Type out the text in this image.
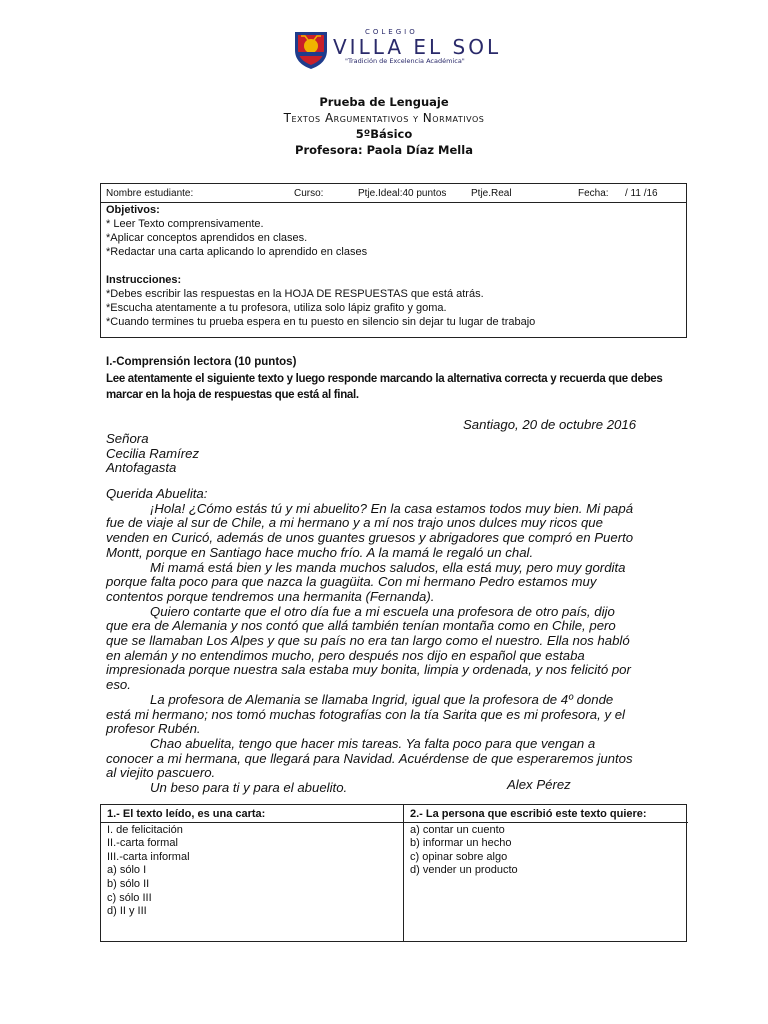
COLEGIO
VILLA EL SOL
"Tradición de Excelencia Académica"
Prueba de Lenguaje
Textos Argumentativos y Normativos
5ºBásico
Profesora: Paola Díaz Mella
Nombre estudiante:	Curso:	Ptje.Ideal:40 puntos Ptje.Real	Fecha: / 11 /16
Objetivos:
* Leer Texto comprensivamente.
*Aplicar conceptos aprendidos en clases.
*Redactar una carta aplicando lo aprendido en clases
Instrucciones:
*Debes escribir las respuestas en la HOJA DE RESPUESTAS que está atrás.
*Escucha atentamente a tu profesora, utiliza solo lápiz grafito y goma.
*Cuando termines tu prueba espera en tu puesto en silencio sin dejar tu lugar de trabajo
I.-Comprensión lectora (10 puntos)
Lee atentamente el siguiente texto y luego responde marcando la alternativa correcta y recuerda que debes
marcar en la hoja de respuestas que está al final.
Santiago, 20 de octubre 2016

Señora

Cecilia Ramírez

Antofagasta

Querida Abuelita:

¡Hola! ¿Cómo estás tú y mi abuelito? En la casa estamos todos muy bien. Mi papá

fue de viaje al sur de Chile, a mi hermano y a mí nos trajo unos dulces muy ricos que

venden en Curicó, además de unos guantes gruesos y abrigadores que compró en Puerto

Montt, porque en Santiago hace mucho frío. A la mamá le regaló un chal.

Mi mamá está bien y les manda muchos saludos, ella está muy, pero muy gordita

porque falta poco para que nazca la guagüita. Con mi hermano Pedro estamos muy

contentos porque tendremos una hermanita (Fernanda).

Quiero contarte que el otro día fue a mi escuela una profesora de otro país, dijo

que era de Alemania y nos contó que allá también tenían montaña como en Chile, pero

que se llamaban Los Alpes y que su país no era tan largo como el nuestro. Ella nos habló

en alemán y no entendimos mucho, pero después nos dijo en español que estaba

impresionada porque nuestra sala estaba muy bonita, limpia y ordenada, y nos felicitó por

eso.

La profesora de Alemania se llamaba Ingrid, igual que la profesora de 4º donde

está mi hermano; nos tomó muchas fotografías con la tía Sarita que es mi profesora, y el

profesor Rubén.

Chao abuelita, tengo que hacer mis tareas. Ya falta poco para que vengan a

conocer a mi hermana, que llegará para Navidad. Acuérdense de que esperaremos juntos

al viejito pascuero.

Un beso para ti y para el abuelito.	Alex Pérez
1.- El texto leído, es una carta:
I. de felicitación
II.-carta formal
III.-carta informal
a) sólo I
b) sólo II
c) sólo III
d) II y III
2.- La persona que escribió este texto quiere:
a) contar un cuento
b) informar un hecho
c) opinar sobre algo
d) vender un producto
